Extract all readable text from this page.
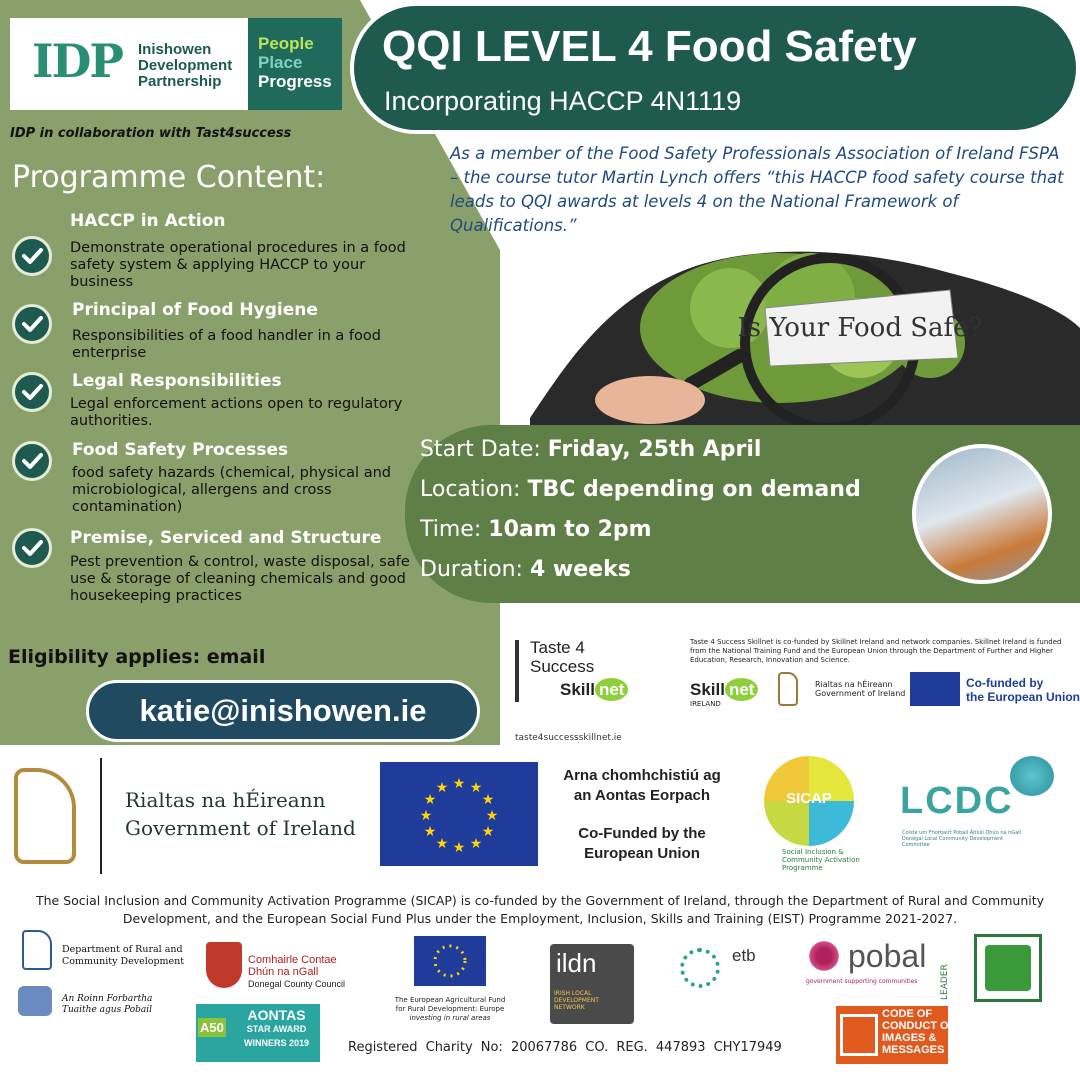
QQI LEVEL 4 Food Safety
Incorporating HACCP 4N1119
IDP Inishowen
Development
Partnership
People
Place
Progress
IDP in collaboration with Tast4success
Programme Content:
HACCP in Action
Demonstrate operational procedures in a food safety system & applying HACCP to your business
Principal of Food Hygiene
Responsibilities of a food handler in a food enterprise
Legal Responsibilities
Legal enforcement actions open to regulatory authorities.
Food Safety Processes
food safety hazards (chemical, physical and microbiological, allergens and cross contamination)
Premise, Serviced and Structure
Pest prevention & control, waste disposal, safe use & storage of cleaning chemicals and good housekeeping practices
As a member of the Food Safety Professionals Association of Ireland FSPA – the course tutor Martin Lynch offers “this HACCP food safety course that leads to QQI awards at levels 4 on the National Framework of Qualifications.”
Is Your Food Safe?
Start Date: Friday, 25th April
Location: TBC depending on demand
Time: 10am to 2pm
Duration: 4 weeks
Eligibility applies: email
katie@inishowen.ie
Taste 4
Success
Skill net
taste4successskillnet.ie
Taste 4 Success Skillnet is co-funded by Skillnet Ireland and network companies. Skillnet Ireland is funded from the National Training Fund and the European Union through the Department of Further and Higher Education, Research, Innovation and Science.
Skill net
IRELAND
Rialtas na hÉireann
Government of Ireland
Co-funded by
the European Union
Rialtas na hÉireann
Government of Ireland
★ ★
★
★
★
★
★
★
★
★
★
★
Arna chomhchistiú ag
an Aontas Eorpach
Co-Funded by the
European Union
SICAP
Social Inclusion & Community Activation Programme
LCDC
Coiste um Fhorbairt Pobail Áitiúil Dhún na nGall Donegal Local Community Development Committee
The Social Inclusion and Community Activation Programme (SICAP) is co-funded by the Government of Ireland, through the Department of Rural and Community Development, and the European Social Fund Plus under the Employment, Inclusion, Skills and Training (EIST) Programme 2021-2027.
Department of Rural and
Community Development
An Roinn Forbartha
Tuaithe agus Pobail
Comhairle Contae
Dhún na nGall
Donegal County Council
The European Agricultural Fund
for Rural Development: Europe
investing in rural areas
ildn
IRISH LOCAL DEVELOPMENT NETWORK
etb	pobal
government supporting communities	LEADER
A50
AONTAS
STAR AWARD
WINNERS 2019	Registered Charity No: 20067786 CO. REG. 447893 CHY17949
CODE OF
CONDUCT ON
IMAGES &
MESSAGES
